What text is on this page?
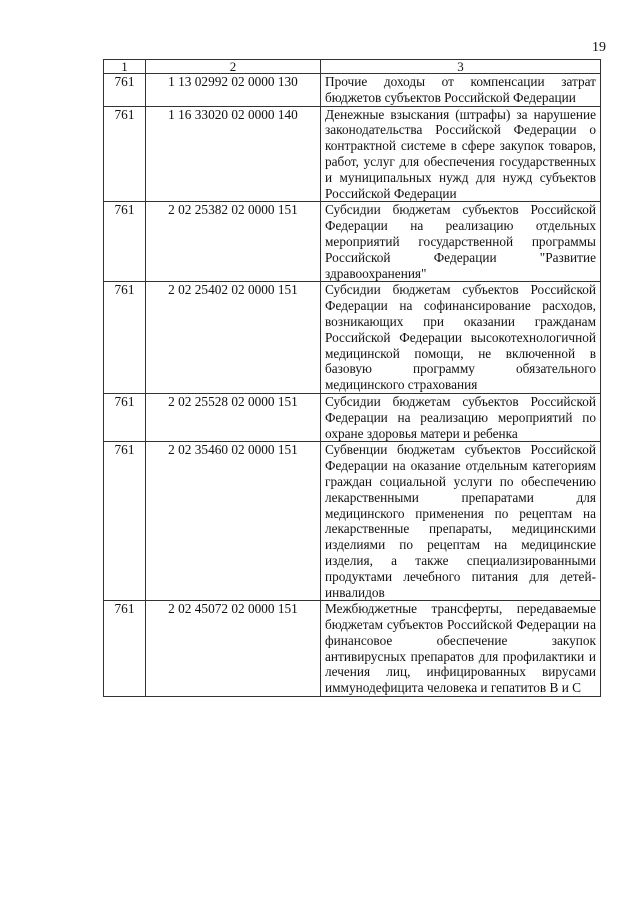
19
1	2	3
761	1 13 02992 02 0000 130	Прочие доходы от компенсации затрат бюджетов субъектов Российской Федерации
761	1 16 33020 02 0000 140	Денежные взыскания (штрафы) за нарушение законодательства Российской Федерации о контрактной системе в сфере закупок товаров, работ, услуг для обеспечения государственных и муниципальных нужд для нужд субъектов Российской Федерации
761	2 02 25382 02 0000 151	Субсидии бюджетам субъектов Российской Федерации на реализацию отдельных мероприятий государственной программы Российской Федерации "Развитие здравоохранения"
761	2 02 25402 02 0000 151	Субсидии бюджетам субъектов Российской Федерации на софинансирование расходов, возникающих при оказании гражданам Российской Федерации высокотехнологичной медицинской помощи, не включенной в базовую программу обязательного медицинского страхования
761	2 02 25528 02 0000 151	Субсидии бюджетам субъектов Российской Федерации на реализацию мероприятий по охране здоровья матери и ребенка
761	2 02 35460 02 0000 151	Субвенции бюджетам субъектов Российской Федерации на оказание отдельным категориям граждан социальной услуги по обеспечению лекарственными препаратами для медицинского применения по рецептам на лекарственные препараты, медицинскими изделиями по рецептам на медицинские изделия, а также специализированными продуктами лечебного питания для детей-инвалидов
761	2 02 45072 02 0000 151	Межбюджетные трансферты, передаваемые бюджетам субъектов Российской Федерации на финансовое обеспечение закупок антивирусных препаратов для профилактики и лечения лиц, инфицированных вирусами иммунодефицита человека и гепатитов В и С
